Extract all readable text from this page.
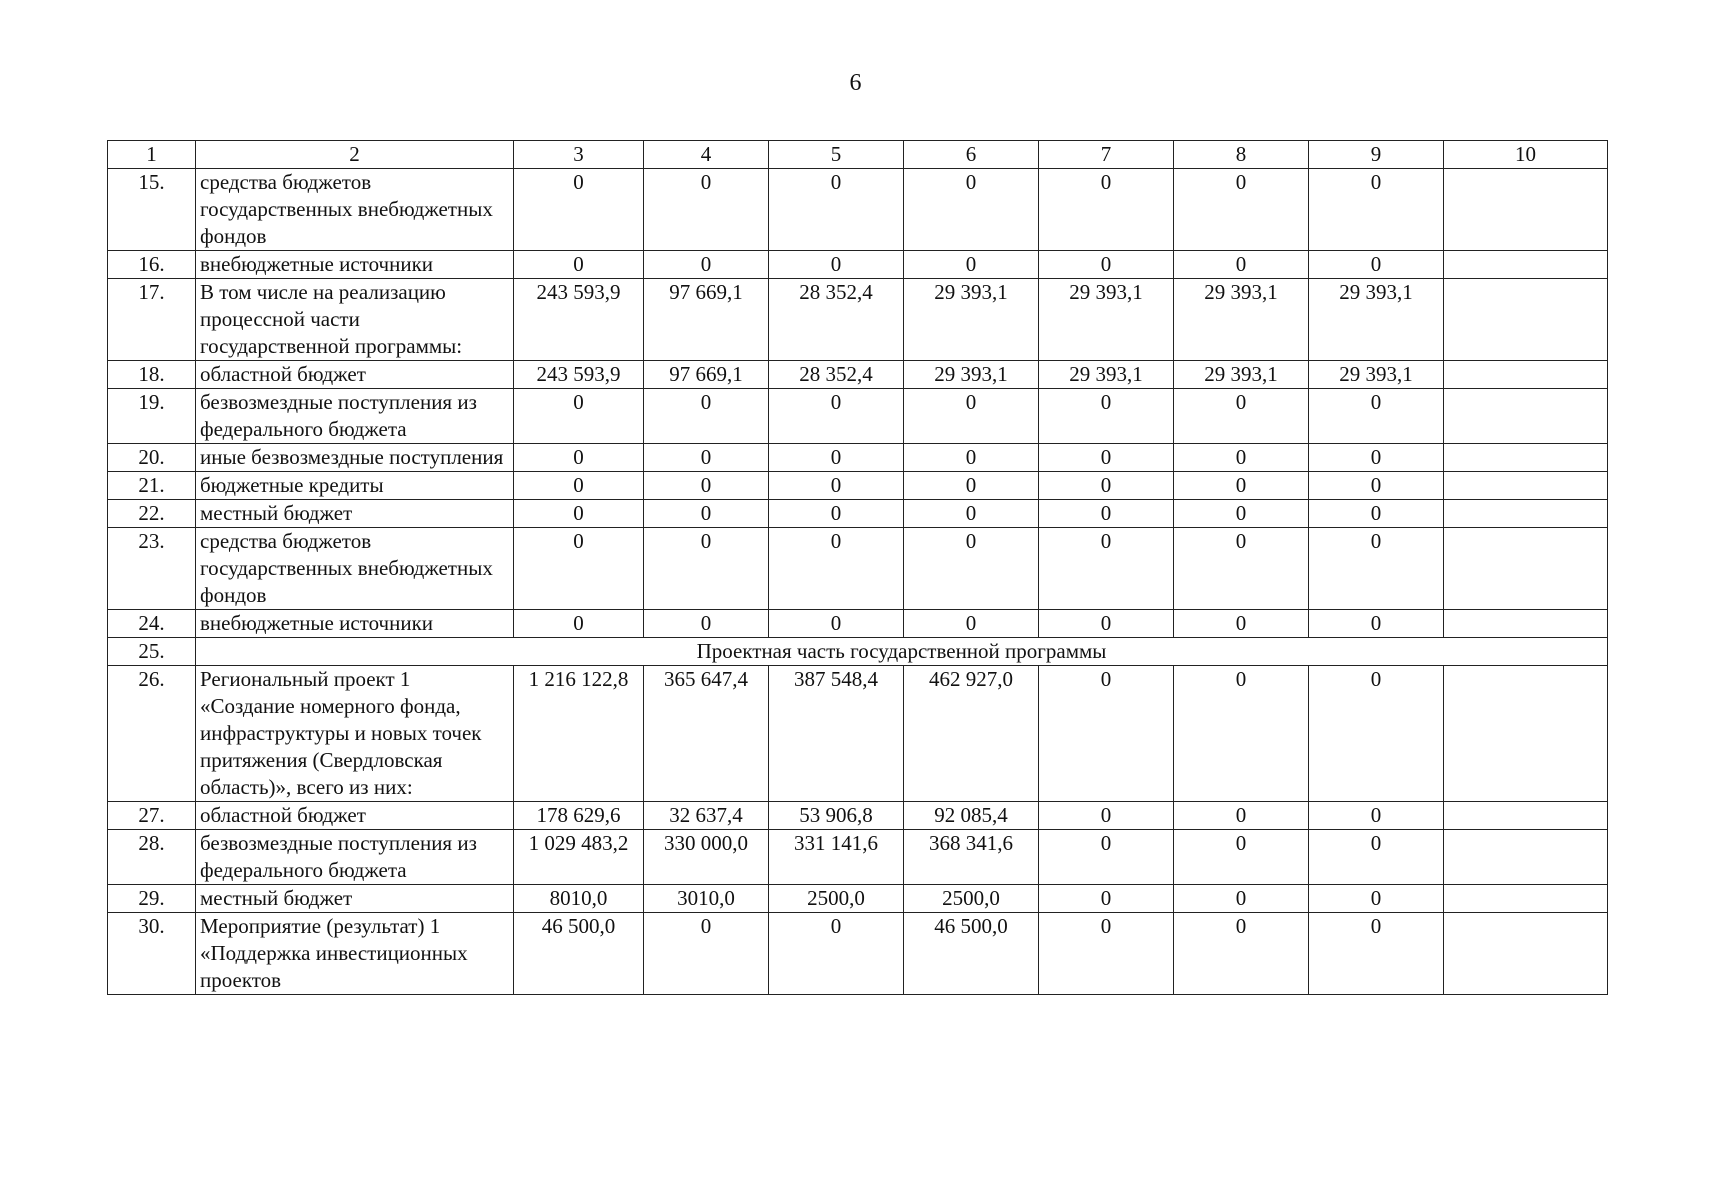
6
1	2	3	4	5	6	7	8	9	10
15.	средства бюджетов государственных внебюджетных фондов	0	0	0	0	0	0	0	
16.	внебюджетные источники	0	0	0	0	0	0	0	
17.	В том числе на реализацию процессной части государственной программы:	243 593,9	97 669,1	28 352,4	29 393,1	29 393,1	29 393,1	29 393,1	
18.	областной бюджет	243 593,9	97 669,1	28 352,4	29 393,1	29 393,1	29 393,1	29 393,1	
19.	безвозмездные поступления из федерального бюджета	0	0	0	0	0	0	0	
20.	иные безвозмездные поступления	0	0	0	0	0	0	0	
21.	бюджетные кредиты	0	0	0	0	0	0	0	
22.	местный бюджет	0	0	0	0	0	0	0	
23.	средства бюджетов государственных внебюджетных фондов	0	0	0	0	0	0	0	
24.	внебюджетные источники	0	0	0	0	0	0	0	
25.	Проектная часть государственной программы								
26.	Региональный проект 1 «Создание номерного фонда, инфраструктуры и новых точек притяжения (Свердловская область)», всего из них:	1 216 122,8	365 647,4	387 548,4	462 927,0	0	0	0	
27.	областной бюджет	178 629,6	32 637,4	53 906,8	92 085,4	0	0	0	
28.	безвозмездные поступления из федерального бюджета	1 029 483,2	330 000,0	331 141,6	368 341,6	0	0	0	
29.	местный бюджет	8010,0	3010,0	2500,0	2500,0	0	0	0	
30.	Мероприятие (результат) 1 «Поддержка инвестиционных проектов	46 500,0	0	0	46 500,0	0	0	0	
